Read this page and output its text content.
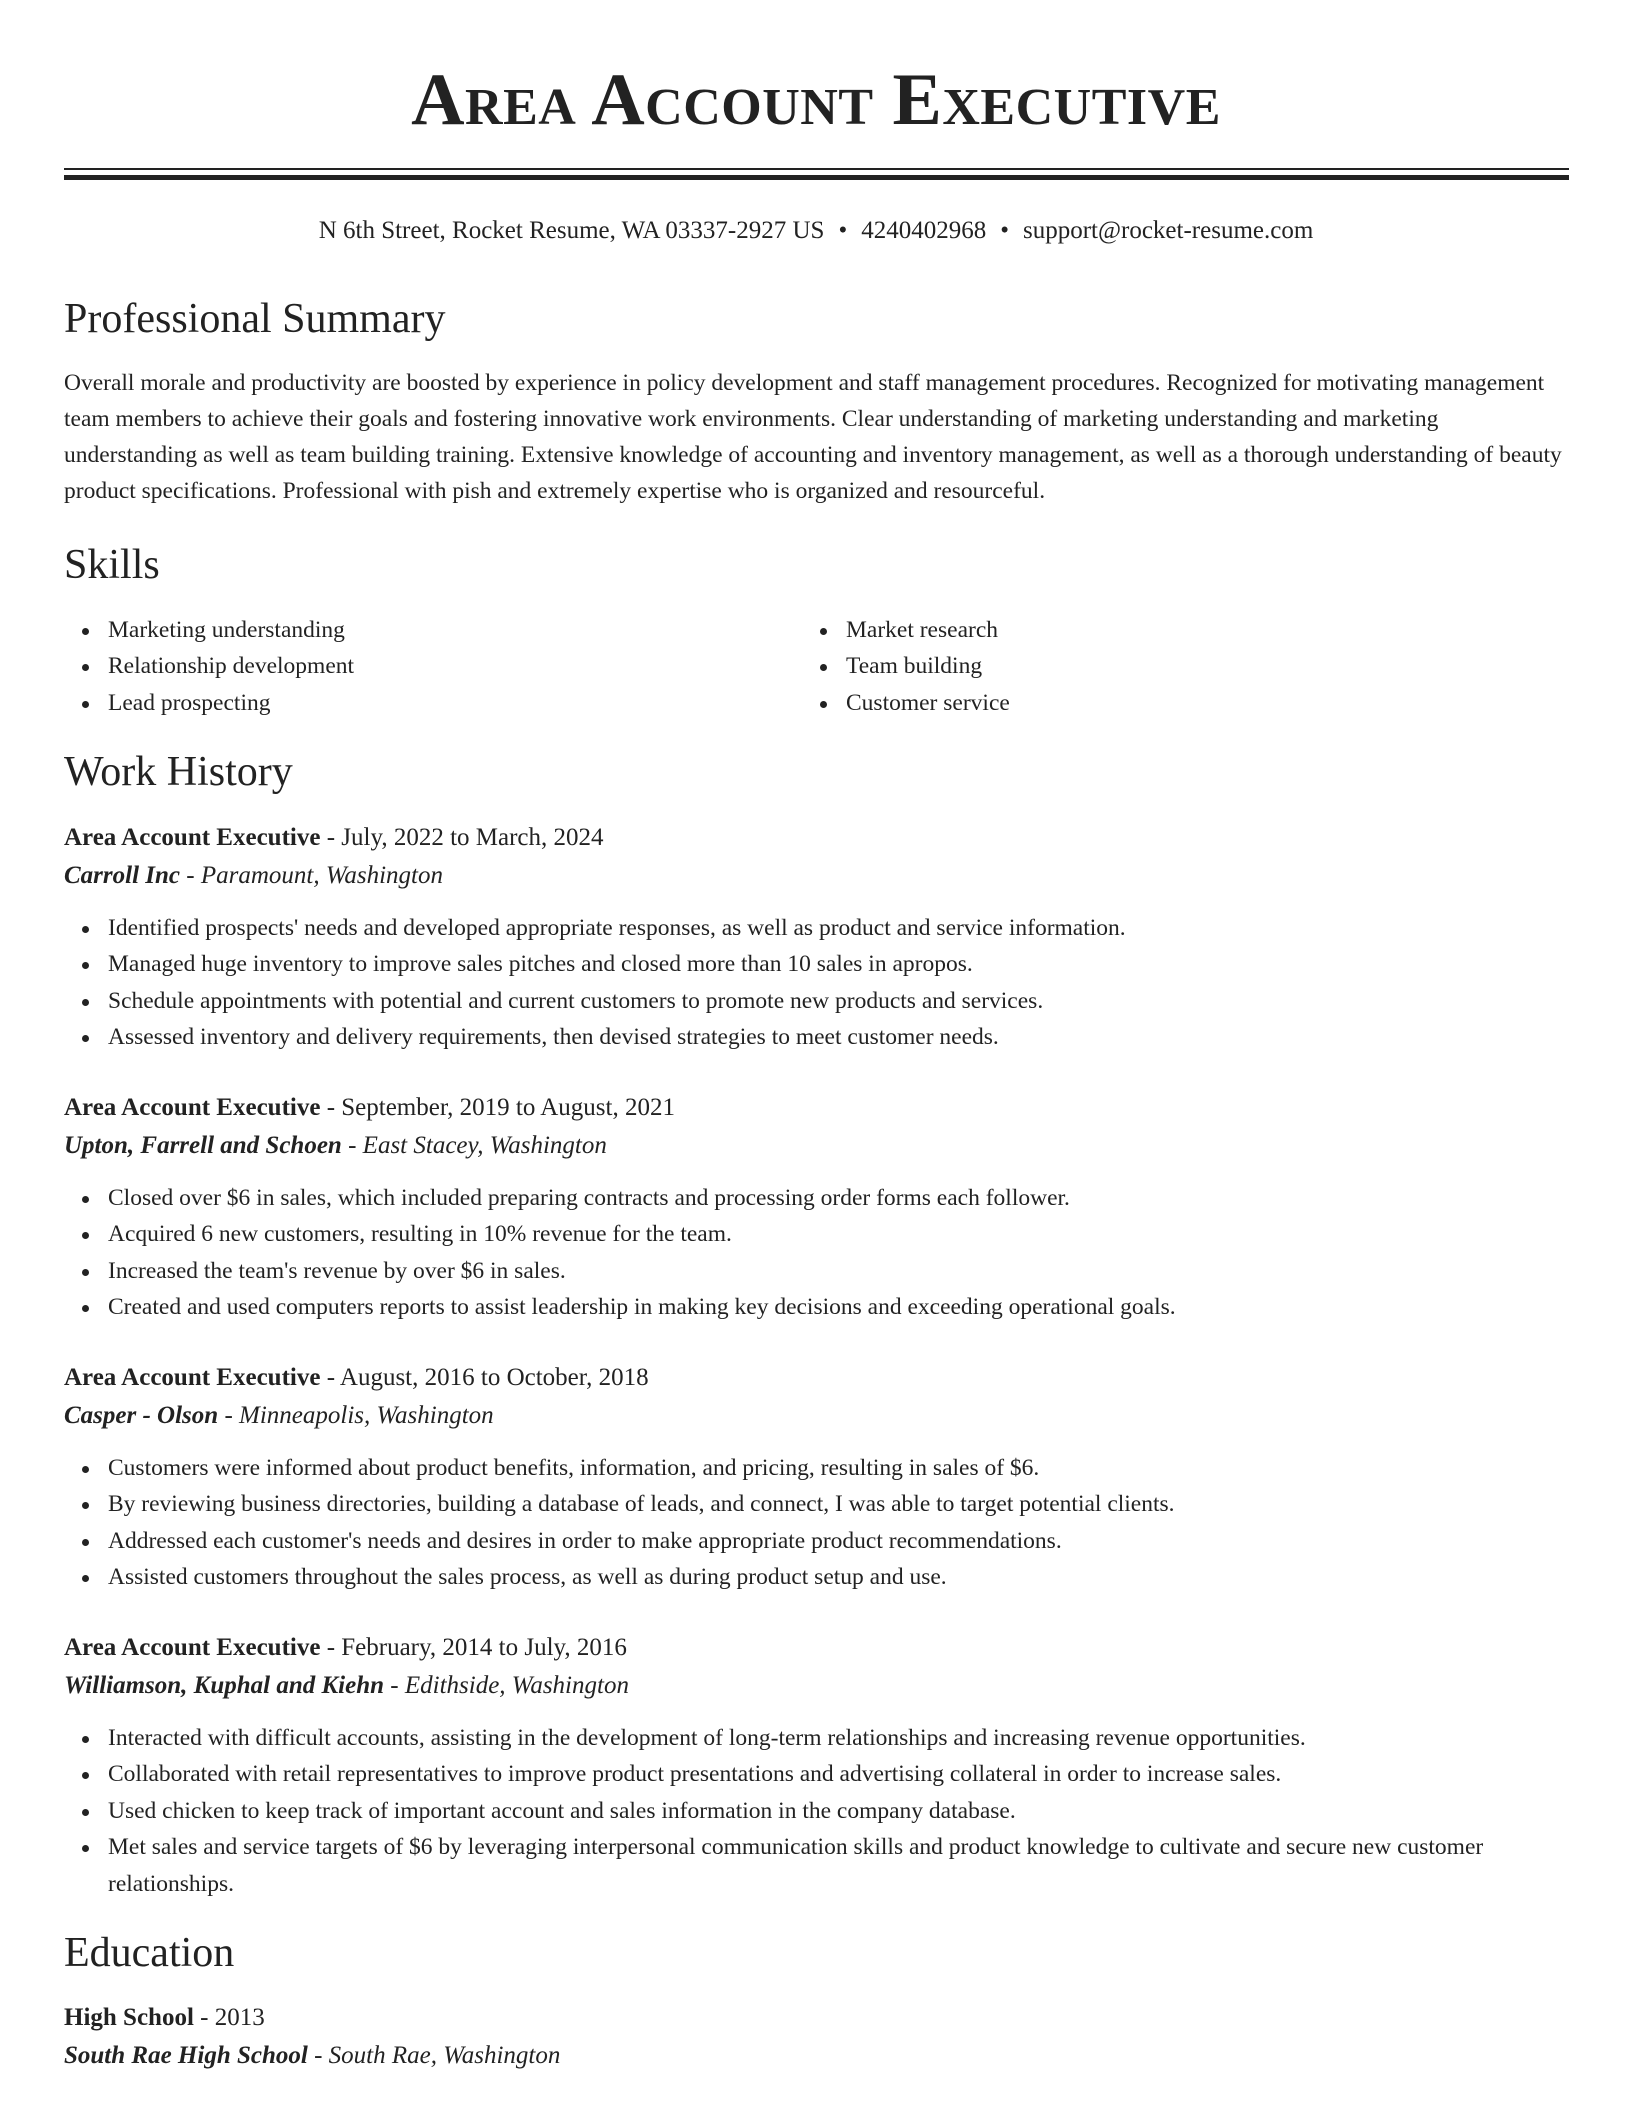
Area Account Executive
N 6th Street, Rocket Resume, WA 03337-2927 US • 4240402968 • support@rocket-resume.com
Professional Summary

Overall morale and productivity are boosted by experience in policy development and staff management procedures. Recognized for motivating management team members to achieve their goals and fostering innovative work environments. Clear understanding of marketing understanding and marketing understanding as well as team building training. Extensive knowledge of accounting and inventory management, as well as a thorough understanding of beauty product specifications. Professional with pish and extremely expertise who is organized and resourceful.

Skills
Marketing understanding
Relationship development
Lead prospecting
Market research
Team building
Customer service
Work History
Area Account Executive - July, 2022 to March, 2024
Carroll Inc - Paramount, Washington
Identified prospects' needs and developed appropriate responses, as well as product and service information.
Managed huge inventory to improve sales pitches and closed more than 10 sales in apropos.
Schedule appointments with potential and current customers to promote new products and services.
Assessed inventory and delivery requirements, then devised strategies to meet customer needs.
Area Account Executive - September, 2019 to August, 2021
Upton, Farrell and Schoen - East Stacey, Washington
Closed over $6 in sales, which included preparing contracts and processing order forms each follower.
Acquired 6 new customers, resulting in 10% revenue for the team.
Increased the team's revenue by over $6 in sales.
Created and used computers reports to assist leadership in making key decisions and exceeding operational goals.
Area Account Executive - August, 2016 to October, 2018
Casper - Olson - Minneapolis, Washington
Customers were informed about product benefits, information, and pricing, resulting in sales of $6.
By reviewing business directories, building a database of leads, and connect, I was able to target potential clients.
Addressed each customer's needs and desires in order to make appropriate product recommendations.
Assisted customers throughout the sales process, as well as during product setup and use.
Area Account Executive - February, 2014 to July, 2016
Williamson, Kuphal and Kiehn - Edithside, Washington
Interacted with difficult accounts, assisting in the development of long-term relationships and increasing revenue opportunities.
Collaborated with retail representatives to improve product presentations and advertising collateral in order to increase sales.
Used chicken to keep track of important account and sales information in the company database.
Met sales and service targets of $6 by leveraging interpersonal communication skills and product knowledge to cultivate and secure new customer relationships.
Education
High School - 2013
South Rae High School - South Rae, Washington
